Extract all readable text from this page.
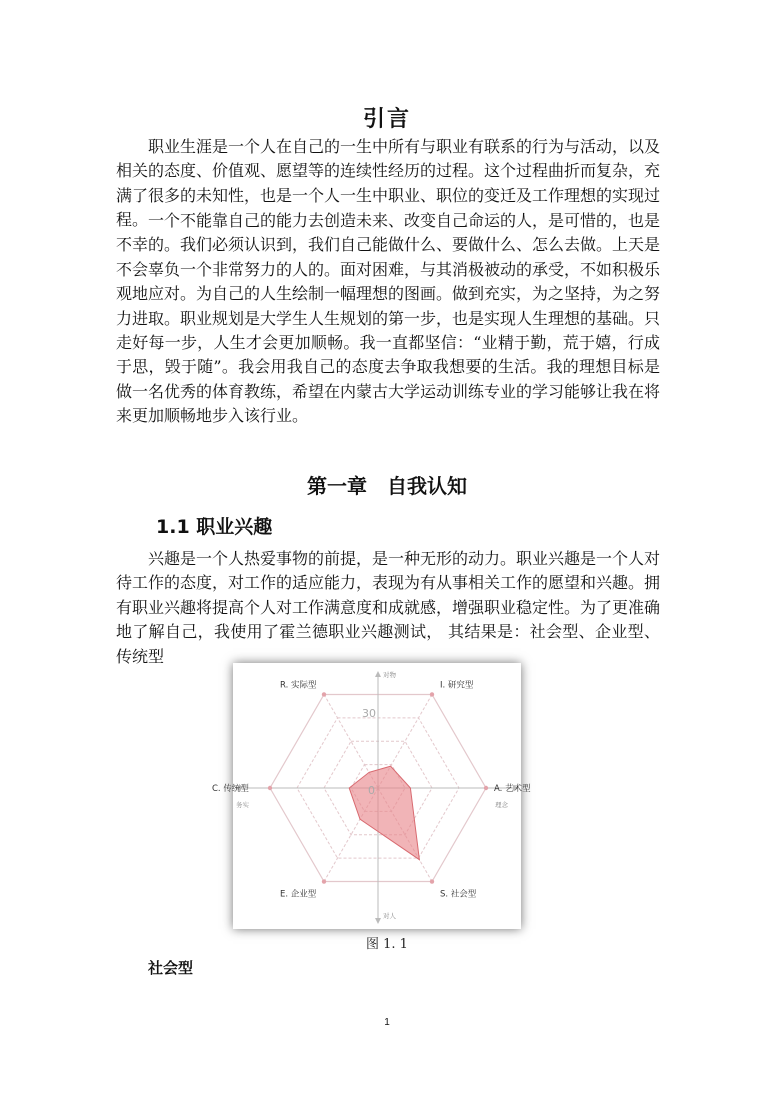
引言

职业生涯是一个人在自己的一生中所有与职业有联系的行为与活动，以及相关的态度、价值观、愿望等的连续性经历的过程。这个过程曲折而复杂，充满了很多的未知性，也是一个人一生中职业、职位的变迁及工作理想的实现过程。 一个不能靠自己的能力去创造未来、改变自己命运的人，是可惜的，也是不幸的。我们必须认识到，我们自己能做什么、要做什么、怎么去做。上天是不会辜负一个非常努力的人的。面对困难，与其消极被动的承受，不如积极乐观地应对。为自己的人生绘制一幅理想的图画。做到充实，为之坚持，为之努力进取。职业规划是大学生人生规划的第一步，也是实现人生理想的基础。只走好每一步，人生才会更加顺畅。我一直都坚信：“业精于勤，荒于嬉，行成于思，毁于随”。我会用我自己的态度去争取我想要的生活。我的理想目标是做一名优秀的体育教练，希望在内蒙古大学运动训练专业的学习能够让我在将来更加顺畅地步入该行业。

第一章　自我认知
1.1 职业兴趣

兴趣是一个人热爱事物的前提，是一种无形的动力。职业兴趣是一个人对待工作的态度，对工作的适应能力，表现为有从事相关工作的愿望和兴趣。拥有职业兴趣将提高个人对工作满意度和成就感，增强职业稳定性。为了更准确地了解自己，我使用了霍兰德职业兴趣测试， 其结果是：社会型、企业型、传统型

R. 实际型	I. 研究型
A. 艺术型
S. 社会型
E. 企业型
C. 传统型
30
0
对物
对人
务实	理念
图 1. 1
社会型
1
